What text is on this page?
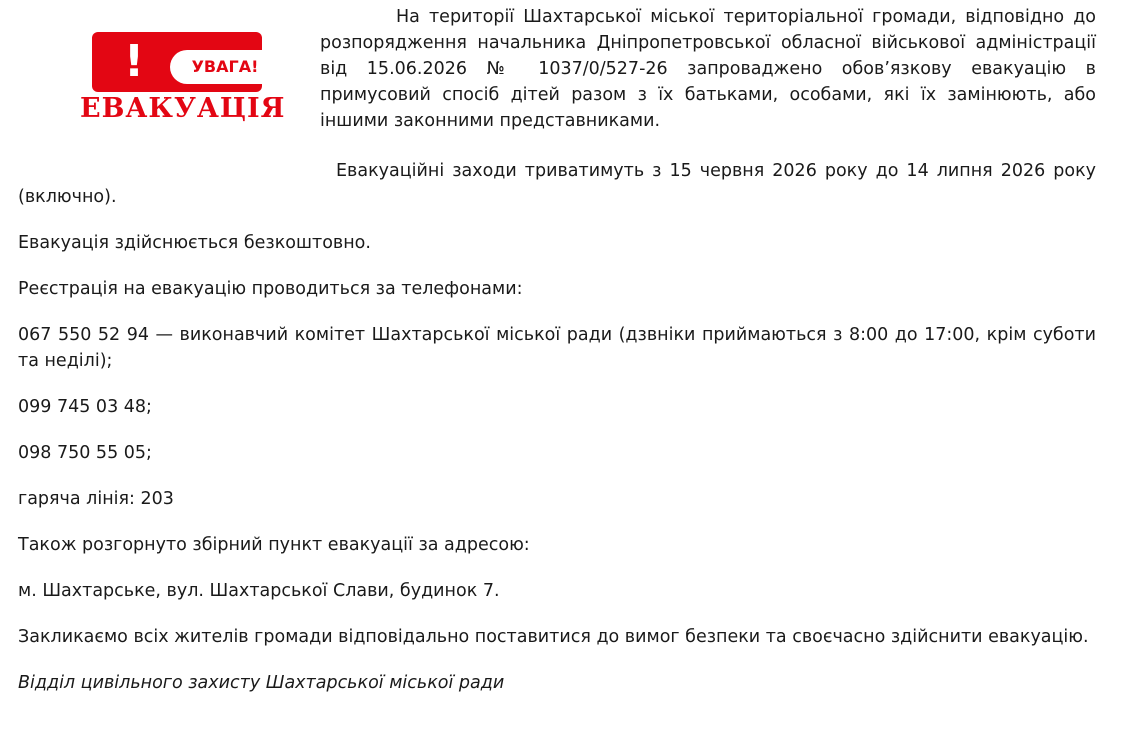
!	УВАГА!
ЕВАКУАЦІЯ

На території Шахтарської міської територіальної громади, відповідно до розпорядження начальника Дніпропетровської обласної військової адміністрації від 15.06.2026 № 1037/0/527-26 запроваджено обов’язкову евакуацію в примусовий спосіб дітей разом з їх батьками, особами, які їх замінюють, або іншими законними представниками.

Евакуаційні заходи триватимуть з 15 червня 2026 року до 14 липня 2026 року (включно).

Евакуація здійснюється безкоштовно.

Реєстрація на евакуацію проводиться за телефонами:

067 550 52 94 — виконавчий комітет Шахтарської міської ради (дзвніки приймаються з 8:00 до 17:00, крім суботи та неділі);

099 745 03 48;

098 750 55 05;

гаряча лінія: 203

Також розгорнуто збірний пункт евакуації за адресою:

м. Шахтарське, вул. Шахтарської Слави, будинок 7.

Закликаємо всіх жителів громади відповідально поставитися до вимог безпеки та своєчасно здійснити евакуацію.

Відділ цивільного захисту Шахтарської міської ради
